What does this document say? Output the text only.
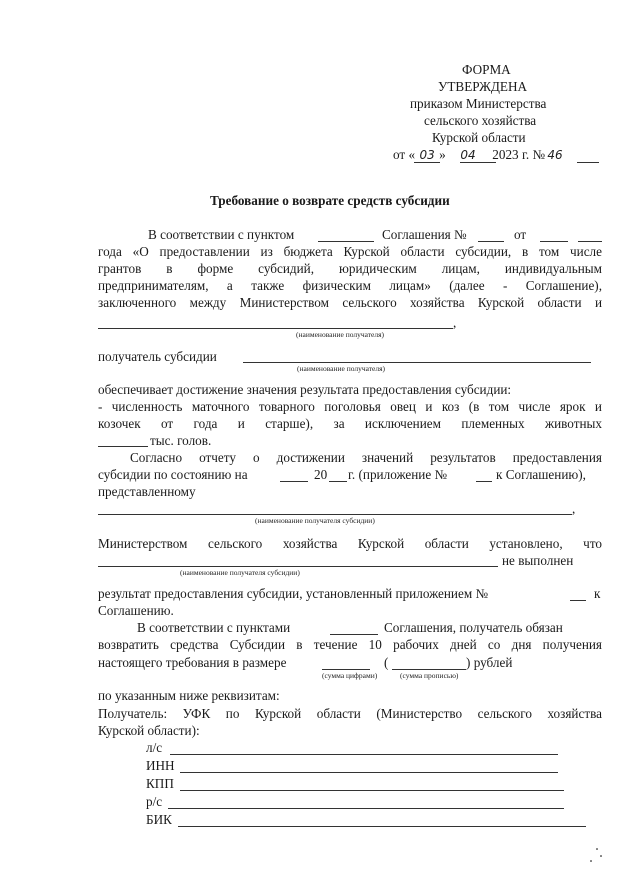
ФОРМА
УТВЕРЖДЕНА
приказом Министерства
сельского хозяйства
Курской области
от « 03 » 04 2023 г. № 46
Требование о возврате средств субсидии
В соответствии с пунктом	Соглашения №	от
года «О предоставлении из бюджета Курской области субсидии, в том числе
грантов в форме субсидий, юридическим лицам, индивидуальным
предпринимателям, а также физическим лицам» (далее - Соглашение),
заключенного между Министерством сельского хозяйства Курской области и
,
(наименование получателя)
получатель субсидии
(наименование получателя)
обеспечивает достижение значения результата предоставления субсидии:
- численность маточного товарного поголовья овец и коз (в том числе ярок и
козочек от года и старше), за исключением племенных животных
тыс. голов.
Согласно отчету о достижении значений результатов предоставления
субсидии по состоянию на	20 г. (приложение №	к Соглашению),
представленному
,
(наименование получателя субсидии)
Министерством сельского хозяйства Курской области установлено, что
не выполнен
(наименование получателя субсидии)
результат предоставления субсидии, установленный приложением №	к
Соглашению.
В соответствии с пунктами	Соглашения, получатель обязан
возвратить средства Субсидии в течение 10 рабочих дней со дня получения
настоящего требования в размере	(	) рублей
(сумма цифрами)	(сумма прописью)
по указанным ниже реквизитам:
Получатель: УФК по Курской области (Министерство сельского хозяйства
Курской области):
л/с
ИНН
КПП
р/с
БИК
